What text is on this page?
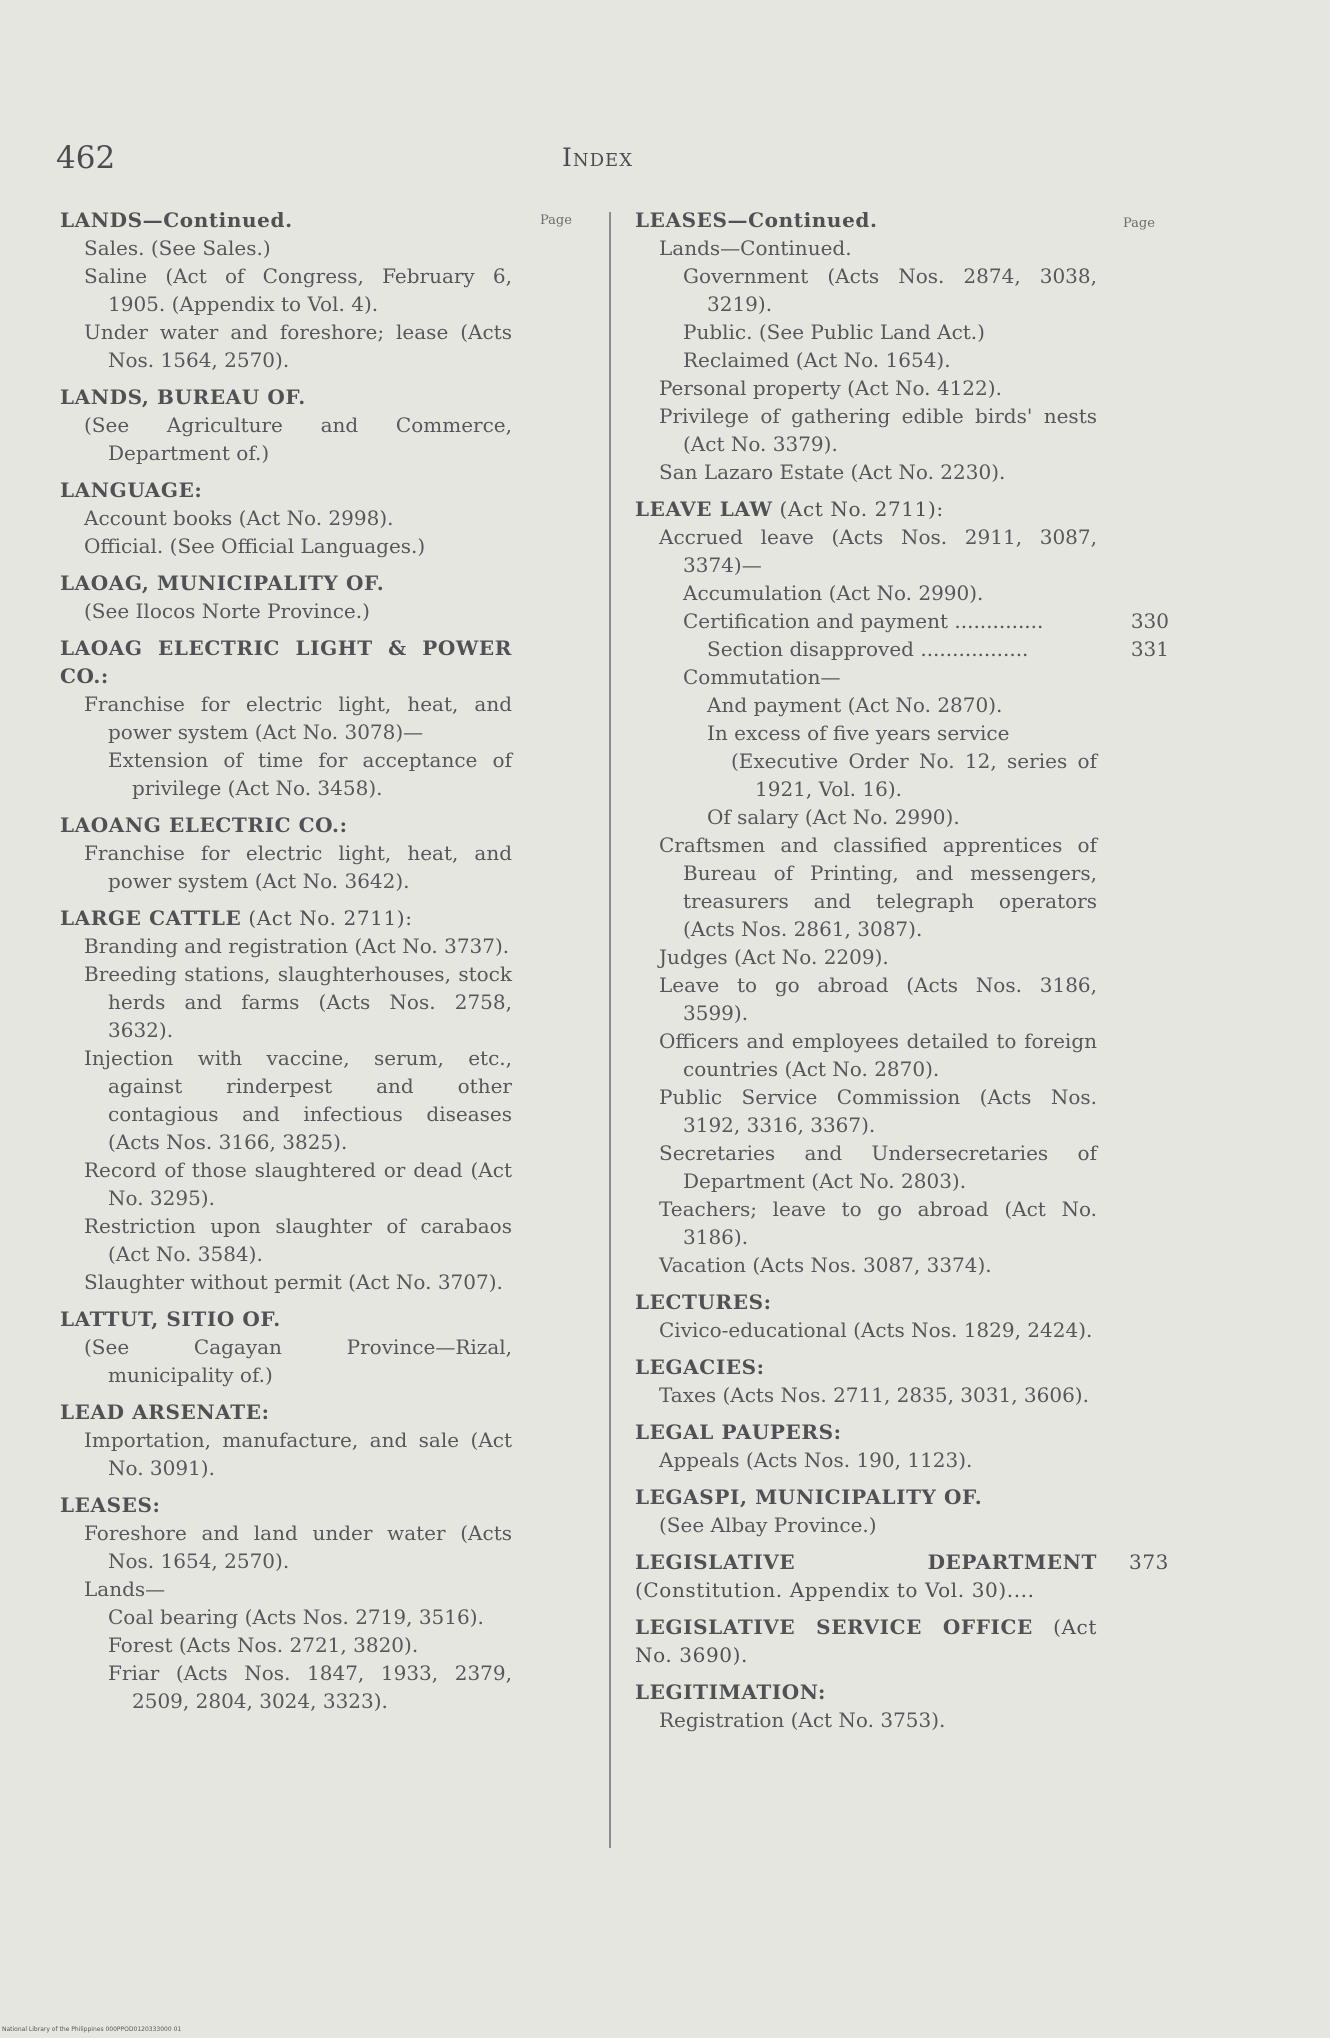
462	Index
Page	Page
LANDS—Continued.
Sales. (See Sales.)
Saline (Act of Congress, February 6, 1905. (Appendix to Vol. 4).
Under water and foreshore; lease (Acts Nos. 1564, 2570).
LANDS, BUREAU OF.
(See Agriculture and Commerce, Department of.)
LANGUAGE:
Account books (Act No. 2998).
Official. (See Official Languages.)
LAOAG, MUNICIPALITY OF.
(See Ilocos Norte Province.)
LAOAG ELECTRIC LIGHT & POWER CO.:
Franchise for electric light, heat, and power system (Act No. 3078)—
Extension of time for acceptance of privilege (Act No. 3458).
LAOANG ELECTRIC CO.:
Franchise for electric light, heat, and power system (Act No. 3642).
LARGE CATTLE (Act No. 2711):
Branding and registration (Act No. 3737).
Breeding stations, slaughterhouses, stock herds and farms (Acts Nos. 2758, 3632).
Injection with vaccine, serum, etc., against rinderpest and other contagious and infectious diseases (Acts Nos. 3166, 3825).
Record of those slaughtered or dead (Act No. 3295).
Restriction upon slaughter of carabaos (Act No. 3584).
Slaughter without permit (Act No. 3707).
LATTUT, SITIO OF.
(See Cagayan Province—Rizal, municipality of.)
LEAD ARSENATE:
Importation, manufacture, and sale (Act No. 3091).
LEASES:
Foreshore and land under water (Acts Nos. 1654, 2570).
Lands—
Coal bearing (Acts Nos. 2719, 3516).
Forest (Acts Nos. 2721, 3820).
Friar (Acts Nos. 1847, 1933, 2379, 2509, 2804, 3024, 3323).
LEASES—Continued.
Lands—Continued.
Government (Acts Nos. 2874, 3038, 3219).
Public. (See Public Land Act.)
Reclaimed (Act No. 1654).
Personal property (Act No. 4122).
Privilege of gathering edible birds' nests (Act No. 3379).
San Lazaro Estate (Act No. 2230).
LEAVE LAW (Act No. 2711):
Accrued leave (Acts Nos. 2911, 3087, 3374)—
Accumulation (Act No. 2990).
330
Certification and payment ..............
331
Section disapproved .................
Commutation—
And payment (Act No. 2870).
In excess of five years service
(Executive Order No. 12, series of 1921, Vol. 16).
Of salary (Act No. 2990).
Craftsmen and classified apprentices of Bureau of Printing, and messengers, treasurers and telegraph operators (Acts Nos. 2861, 3087).
Judges (Act No. 2209).
Leave to go abroad (Acts Nos. 3186, 3599).
Officers and employees detailed to foreign countries (Act No. 2870).
Public Service Commission (Acts Nos. 3192, 3316, 3367).
Secretaries and Undersecretaries of Department (Act No. 2803).
Teachers; leave to go abroad (Act No. 3186).
Vacation (Acts Nos. 3087, 3374).
LECTURES:
Civico-educational (Acts Nos. 1829, 2424).
LEGACIES:
Taxes (Acts Nos. 2711, 2835, 3031, 3606).
LEGAL PAUPERS:
Appeals (Acts Nos. 190, 1123).
LEGASPI, MUNICIPALITY OF.
(See Albay Province.)
373
LEGISLATIVE DEPARTMENT (Constitution. Appendix to Vol. 30)....
LEGISLATIVE SERVICE OFFICE (Act No. 3690).
LEGITIMATION:
Registration (Act No. 3753).
National Library of the Philippines 000PPOD0120333000 01
